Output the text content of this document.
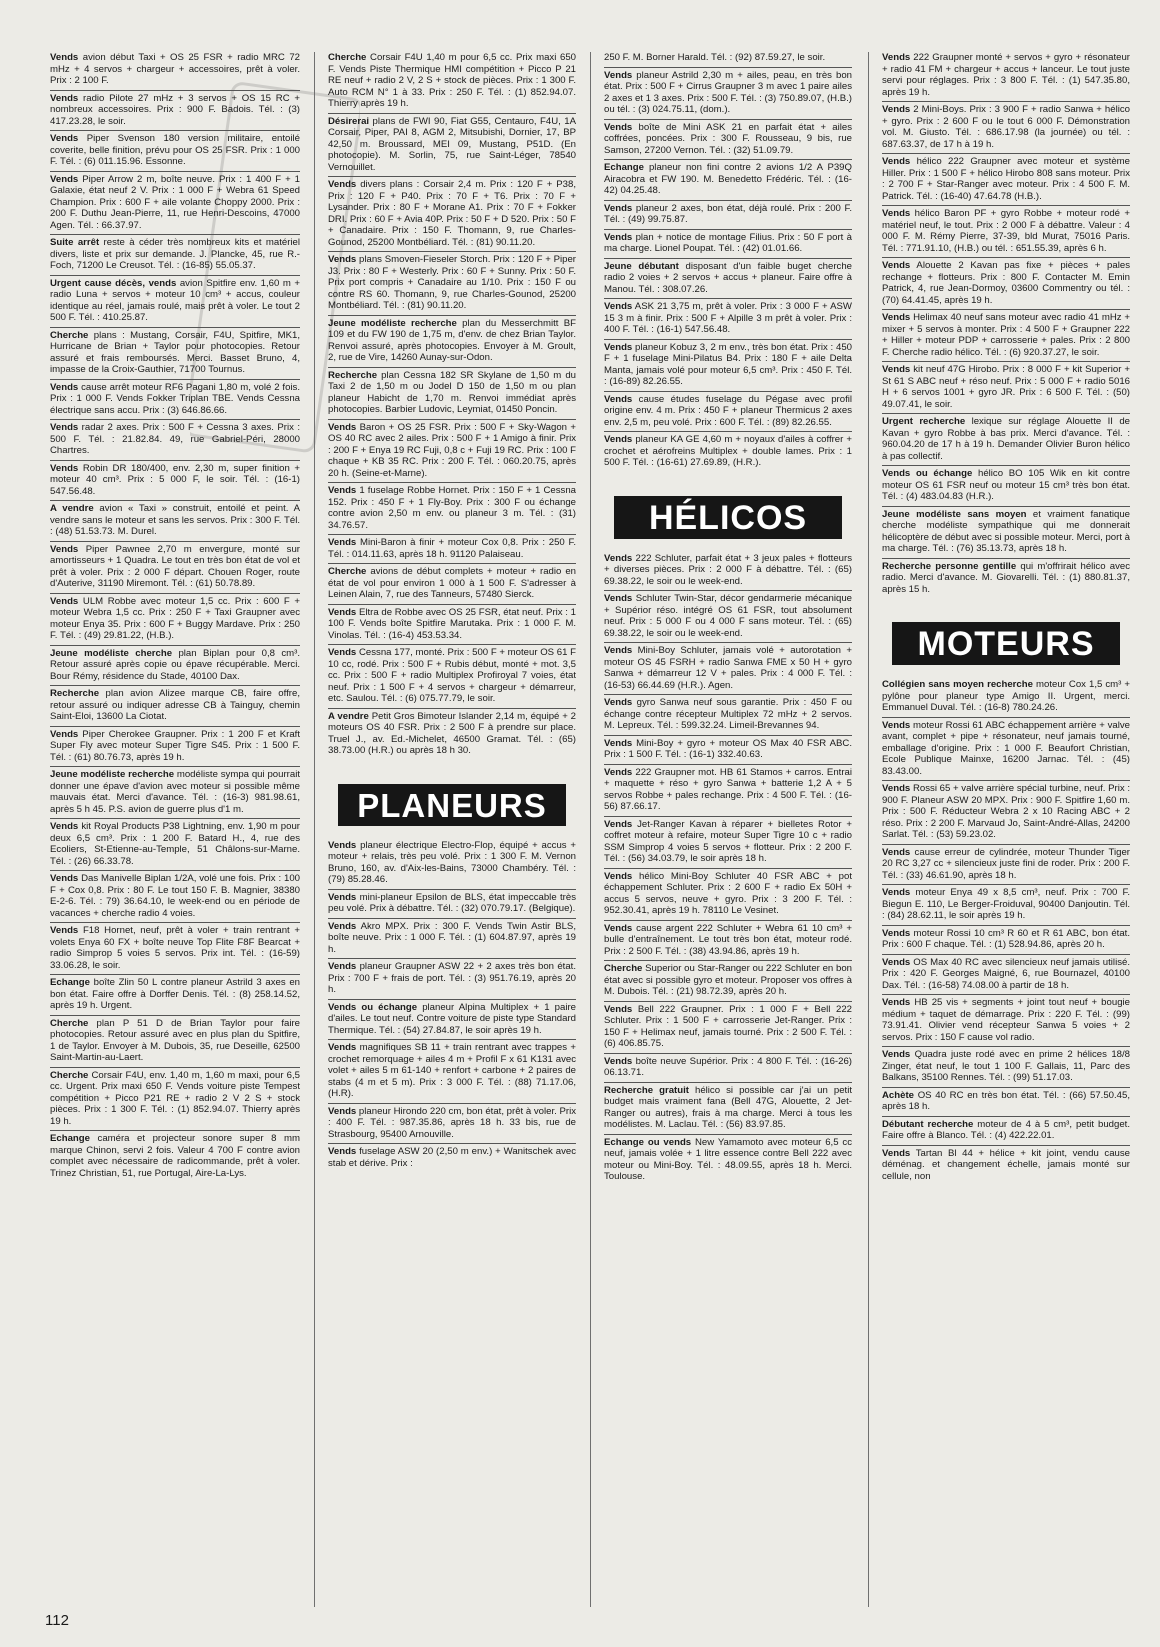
Vends avion début Taxi + OS 25 FSR + radio MRC 72 mHz + 4 servos + chargeur + accessoires, prêt à voler. Prix : 2 100 F.
Vends radio Pilote 27 mHz + 3 servos + OS 15 RC + nombreux accessoires. Prix : 900 F. Badois. Tél. : (3) 417.23.28, le soir.
Vends Piper Svenson 180 version militaire, entoilé coverite, belle finition, prévu pour OS 25 FSR. Prix : 1 000 F. Tél. : (6) 011.15.96. Essonne.
Vends Piper Arrow 2 m, boîte neuve. Prix : 1 400 F + 1 Galaxie, état neuf 2 V. Prix : 1 000 F + Webra 61 Speed Champion. Prix : 600 F + aile volante Choppy 2000. Prix : 200 F. Duthu Jean-Pierre, 11, rue Henri-Descoins, 47000 Agen. Tél. : 66.37.97.
Suite arrêt reste à céder très nombreux kits et matériel divers, liste et prix sur demande. J. Plancke, 45, rue R.-Foch, 71200 Le Creusot. Tél. : (16-85) 55.05.37.
Urgent cause décès, vends avion Spitfire env. 1,60 m + radio Luna + servos + moteur 10 cm³ + accus, couleur identique au réel, jamais roulé, mais prêt à voler. Le tout 2 500 F. Tél. : 410.25.87.
Cherche plans : Mustang, Corsair, F4U, Spitfire, MK1, Hurricane de Brian + Taylor pour photocopies. Retour assuré et frais remboursés. Merci. Basset Bruno, 4, impasse de la Croix-Gauthier, 71700 Tournus.
Vends cause arrêt moteur RF6 Pagani 1,80 m, volé 2 fois. Prix : 1 000 F. Vends Fokker Triplan TBE. Vends Cessna électrique sans accu. Prix : (3) 646.86.66.
Vends radar 2 axes. Prix : 500 F + Cessna 3 axes. Prix : 500 F. Tél. : 21.82.84. 49, rue Gabriel-Péri, 28000 Chartres.
Vends Robin DR 180/400, env. 2,30 m, super finition + moteur 40 cm³. Prix : 5 000 F, le soir. Tél. : (16-1) 547.56.48.
A vendre avion « Taxi » construit, entoilé et peint. A vendre sans le moteur et sans les servos. Prix : 300 F. Tél. : (48) 51.53.73. M. Durel.
Vends Piper Pawnee 2,70 m envergure, monté sur amortisseurs + 1 Quadra. Le tout en très bon état de vol et prêt à voler. Prix : 2 000 F départ. Chouen Roger, route d'Auterive, 31190 Miremont. Tél. : (61) 50.78.89.
Vends ULM Robbe avec moteur 1,5 cc. Prix : 600 F + moteur Webra 1,5 cc. Prix : 250 F + Taxi Graupner avec moteur Enya 35. Prix : 600 F + Buggy Mardave. Prix : 250 F. Tél. : (49) 29.81.22, (H.B.).
Jeune modéliste cherche plan Biplan pour 0,8 cm³. Retour assuré après copie ou épave récupérable. Merci. Bour Rémy, résidence du Stade, 40100 Dax.
Recherche plan avion Alizee marque CB, faire offre, retour assuré ou indiquer adresse CB à Tainguy, chemin Saint-Eloi, 13600 La Ciotat.
Vends Piper Cherokee Graupner. Prix : 1 200 F et Kraft Super Fly avec moteur Super Tigre S45. Prix : 1 500 F. Tél. : (61) 80.76.73, après 19 h.
Jeune modéliste recherche modéliste sympa qui pourrait donner une épave d'avion avec moteur si possible même mauvais état. Merci d'avance. Tél. : (16-3) 981.98.61, après 5 h 45. P.S. avion de guerre plus d'1 m.
Vends kit Royal Products P38 Lightning, env. 1,90 m pour deux 6,5 cm³. Prix : 1 200 F. Batard H., 4, rue des Ecoliers, St-Etienne-au-Temple, 51 Châlons-sur-Marne. Tél. : (26) 66.33.78.
Vends Das Manivelle Biplan 1/2A, volé une fois. Prix : 100 F + Cox 0,8. Prix : 80 F. Le tout 150 F. B. Magnier, 38380 E-2-6. Tél. : 79) 36.64.10, le week-end ou en période de vacances + cherche radio 4 voies.
Vends F18 Hornet, neuf, prêt à voler + train rentrant + volets Enya 60 FX + boîte neuve Top Flite F8F Bearcat + radio Simprop 5 voies 5 servos. Prix int. Tél. : (16-59) 33.06.28, le soir.
Echange boîte Zlin 50 L contre planeur Astrild 3 axes en bon état. Faire offre à Dorffer Denis. Tél. : (8) 258.14.52, après 19 h. Urgent.
Cherche plan P 51 D de Brian Taylor pour faire photocopies. Retour assuré avec en plus plan du Spitfire, 1 de Taylor. Envoyer à M. Dubois, 35, rue Deseille, 62500 Saint-Martin-au-Laert.
Cherche Corsair F4U, env. 1,40 m, 1,60 m maxi, pour 6,5 cc. Urgent. Prix maxi 650 F. Vends voiture piste Tempest compétition + Picco P21 RE + radio 2 V 2 S + stock pièces. Prix : 1 300 F. Tél. : (1) 852.94.07. Thierry après 19 h.
Echange caméra et projecteur sonore super 8 mm marque Chinon, servi 2 fois. Valeur 4 700 F contre avion complet avec nécessaire de radicommande, prêt à voler. Trinez Christian, 51, rue Portugal, Aire-La-Lys.
Cherche Corsair F4U 1,40 m pour 6,5 cc. Prix maxi 650 F. Vends Piste Thermique HMI compétition + Picco P 21 RE neuf + radio 2 V, 2 S + stock de pièces. Prix : 1 300 F. Auto RCM N° 1 à 33. Prix : 250 F. Tél. : (1) 852.94.07. Thierry après 19 h.
Désirerai plans de FWI 90, Fiat G55, Centauro, F4U, 1A Corsair, Piper, PAI 8, AGM 2, Mitsubishi, Dornier, 17, BP 42,50 m. Broussard, MEI 09, Mustang, P51D. (En photocopie). M. Sorlin, 75, rue Saint-Léger, 78540 Vernouillet.
Vends divers plans : Corsair 2,4 m. Prix : 120 F + P38, Prix : 120 F + P40. Prix : 70 F + T6. Prix : 70 F + Lysander. Prix : 80 F + Morane A1. Prix : 70 F + Fokker DRI. Prix : 60 F + Avia 40P. Prix : 50 F + D 520. Prix : 50 F + Canadaire. Prix : 150 F. Thomann, 9, rue Charles-Gounod, 25200 Montbéliard. Tél. : (81) 90.11.20.
Vends plans Smoven-Fieseler Storch. Prix : 120 F + Piper J3. Prix : 80 F + Westerly. Prix : 60 F + Sunny. Prix : 50 F. Prix port compris + Canadaire au 1/10. Prix : 150 F ou contre RS 60. Thomann, 9, rue Charles-Gounod, 25200 Montbéliard. Tél. : (81) 90.11.20.
Jeune modéliste recherche plan du Messerchmitt BF 109 et du FW 190 de 1,75 m, d'env. de chez Brian Taylor. Renvoi assuré, après photocopies. Envoyer à M. Groult, 2, rue de Vire, 14260 Aunay-sur-Odon.
Recherche plan Cessna 182 SR Skylane de 1,50 m du Taxi 2 de 1,50 m ou Jodel D 150 de 1,50 m ou plan planeur Habicht de 1,70 m. Renvoi immédiat après photocopies. Barbier Ludovic, Leymiat, 01450 Poncin.
Vends Baron + OS 25 FSR. Prix : 500 F + Sky-Wagon + OS 40 RC avec 2 ailes. Prix : 500 F + 1 Amigo à finir. Prix : 200 F + Enya 19 RC Fuji, 0,8 c + Fuji 19 RC. Prix : 100 F chaque + KB 35 RC. Prix : 200 F. Tél. : 060.20.75, après 20 h. (Seine-et-Marne).
Vends 1 fuselage Robbe Hornet. Prix : 150 F + 1 Cessna 152. Prix : 450 F + 1 Fly-Boy. Prix : 300 F ou échange contre avion 2,50 m env. ou planeur 3 m. Tél. : (31) 34.76.57.
Vends Mini-Baron à finir + moteur Cox 0,8. Prix : 250 F. Tél. : 014.11.63, après 18 h. 91120 Palaiseau.
Cherche avions de début complets + moteur + radio en état de vol pour environ 1 000 à 1 500 F. S'adresser à Leinen Alain, 7, rue des Tanneurs, 57480 Sierck.
Vends Eltra de Robbe avec OS 25 FSR, état neuf. Prix : 1 100 F. Vends boîte Spitfire Marutaka. Prix : 1 000 F. M. Vinolas. Tél. : (16-4) 453.53.34.
Vends Cessna 177, monté. Prix : 500 F + moteur OS 61 F 10 cc, rodé. Prix : 500 F + Rubis début, monté + mot. 3,5 cc. Prix : 500 F + radio Multiplex Profiroyal 7 voies, état neuf. Prix : 1 500 F + 4 servos + chargeur + démarreur, etc. Saulou. Tél. : (6) 075.77.79, le soir.
A vendre Petit Gros Bimoteur Islander 2,14 m, équipé + 2 moteurs OS 40 FSR. Prix : 2 500 F à prendre sur place. Truel J., av. Ed.-Michelet, 46500 Gramat. Tél. : (65) 38.73.00 (H.R.) ou après 18 h 30.
PLANEURS
Vends planeur électrique Electro-Flop, équipé + accus + moteur + relais, très peu volé. Prix : 1 300 F. M. Vernon Bruno, 160, av. d'Aix-les-Bains, 73000 Chambéry. Tél. : (79) 85.28.46.
Vends mini-planeur Epsilon de BLS, état impeccable très peu volé. Prix à débattre. Tél. : (32) 070.79.17. (Belgique).
Vends Akro MPX. Prix : 300 F. Vends Twin Astir BLS, boîte neuve. Prix : 1 000 F. Tél. : (1) 604.87.97, après 19 h.
Vends planeur Graupner ASW 22 + 2 axes très bon état. Prix : 700 F + frais de port. Tél. : (3) 951.76.19, après 20 h.
Vends ou échange planeur Alpina Multiplex + 1 paire d'ailes. Le tout neuf. Contre voiture de piste type Standard Thermique. Tél. : (54) 27.84.87, le soir après 19 h.
Vends magnifiques SB 11 + train rentrant avec trappes + crochet remorquage + ailes 4 m + Profil F x 61 K131 avec volet + ailes 5 m 61-140 + renfort + carbone + 2 paires de stabs (4 m et 5 m). Prix : 3 000 F. Tél. : (88) 71.17.06, (H.R).
Vends planeur Hirondo 220 cm, bon état, prêt à voler. Prix : 400 F. Tél. : 987.35.86, après 18 h. 33 bis, rue de Strasbourg, 95400 Arnouville.
Vends fuselage ASW 20 (2,50 m env.) + Wanitschek avec stab et dérive. Prix :
250 F. M. Borner Harald. Tél. : (92) 87.59.27, le soir.
Vends planeur Astrild 2,30 m + ailes, peau, en très bon état. Prix : 500 F + Cirrus Graupner 3 m avec 1 paire ailes 2 axes et 1 3 axes. Prix : 500 F. Tél. : (3) 750.89.07, (H.B.) ou tél. : (3) 024.75.11, (dom.).
Vends boîte de Mini ASK 21 en parfait état + ailes coffrées, poncées. Prix : 300 F. Rousseau, 9 bis, rue Samson, 27200 Vernon. Tél. : (32) 51.09.79.
Echange planeur non fini contre 2 avions 1/2 A P39Q Airacobra et FW 190. M. Benedetto Frédéric. Tél. : (16-42) 04.25.48.
Vends planeur 2 axes, bon état, déjà roulé. Prix : 200 F. Tél. : (49) 99.75.87.
Vends plan + notice de montage Filius. Prix : 50 F port à ma charge. Lionel Poupat. Tél. : (42) 01.01.66.
Jeune débutant disposant d'un faible buget cherche radio 2 voies + 2 servos + accus + planeur. Faire offre à Manou. Tél. : 308.07.26.
Vends ASK 21 3,75 m, prêt à voler. Prix : 3 000 F + ASW 15 3 m à finir. Prix : 500 F + Alpille 3 m prêt à voler. Prix : 400 F. Tél. : (16-1) 547.56.48.
Vends planeur Kobuz 3, 2 m env., très bon état. Prix : 450 F + 1 fuselage Mini-Pilatus B4. Prix : 180 F + aile Delta Manta, jamais volé pour moteur 6,5 cm³. Prix : 450 F. Tél. : (16-89) 82.26.55.
Vends cause études fuselage du Pégase avec profil origine env. 4 m. Prix : 450 F + planeur Thermicus 2 axes env. 2,5 m, peu volé. Prix : 600 F. Tél. : (89) 82.26.55.
Vends planeur KA GE 4,60 m + noyaux d'ailes à coffrer + crochet et aérofreins Multiplex + double lames. Prix : 1 500 F. Tél. : (16-61) 27.69.89, (H.R.).
HÉLICOS
Vends 222 Schluter, parfait état + 3 jeux pales + flotteurs + diverses pièces. Prix : 2 000 F à débattre. Tél. : (65) 69.38.22, le soir ou le week-end.
Vends Schluter Twin-Star, décor gendarmerie mécanique + Supérior réso. intégré OS 61 FSR, tout absolument neuf. Prix : 5 000 F ou 4 000 F sans moteur. Tél. : (65) 69.38.22, le soir ou le week-end.
Vends Mini-Boy Schluter, jamais volé + autorotation + moteur OS 45 FSRH + radio Sanwa FME x 50 H + gyro Sanwa + démarreur 12 V + pales. Prix : 4 000 F. Tél. : (16-53) 66.44.69 (H.R.). Agen.
Vends gyro Sanwa neuf sous garantie. Prix : 450 F ou échange contre récepteur Multiplex 72 mHz + 2 servos. M. Lepreux. Tél. : 599.32.24. Limeil-Brevannes 94.
Vends Mini-Boy + gyro + moteur OS Max 40 FSR ABC. Prix : 1 500 F. Tél. : (16-1) 332.40.63.
Vends 222 Graupner mot. HB 61 Stamos + carros. Entrai + maquette + réso + gyro Sanwa + batterie 1,2 A + 5 servos Robbe + pales rechange. Prix : 4 500 F. Tél. : (16-56) 87.66.17.
Vends Jet-Ranger Kavan à réparer + bielletes Rotor + coffret moteur à refaire, moteur Super Tigre 10 c + radio SSM Simprop 4 voies 5 servos + flotteur. Prix : 2 200 F. Tél. : (56) 34.03.79, le soir après 18 h.
Vends hélico Mini-Boy Schluter 40 FSR ABC + pot échappement Schluter. Prix : 2 600 F + radio Ex 50H + accus 5 servos, neuve + gyro. Prix : 3 200 F. Tél. : 952.30.41, après 19 h. 78110 Le Vesinet.
Vends cause argent 222 Schluter + Webra 61 10 cm³ + bulle d'entraînement. Le tout très bon état, moteur rodé. Prix : 2 500 F. Tél. : (38) 43.94.86, après 19 h.
Cherche Superior ou Star-Ranger ou 222 Schluter en bon état avec si possible gyro et moteur. Proposer vos offres à M. Dubois. Tél. : (21) 98.72.39, après 20 h.
Vends Bell 222 Graupner. Prix : 1 000 F + Bell 222 Schluter. Prix : 1 500 F + carrosserie Jet-Ranger. Prix : 150 F + Helimax neuf, jamais tourné. Prix : 2 500 F. Tél. : (6) 406.85.75.
Vends boîte neuve Supérior. Prix : 4 800 F. Tél. : (16-26) 06.13.71.
Recherche gratuit hélico si possible car j'ai un petit budget mais vraiment fana (Bell 47G, Alouette, 2 Jet-Ranger ou autres), frais à ma charge. Merci à tous les modélistes. M. Laclau. Tél. : (56) 83.97.85.
Echange ou vends New Yamamoto avec moteur 6,5 cc neuf, jamais volée + 1 litre essence contre Bell 222 avec moteur ou Mini-Boy. Tél. : 48.09.55, après 18 h. Merci. Toulouse.
Vends 222 Graupner monté + servos + gyro + résonateur + radio 41 FM + chargeur + accus + lanceur. Le tout juste servi pour réglages. Prix : 3 800 F. Tél. : (1) 547.35.80, après 19 h.
Vends 2 Mini-Boys. Prix : 3 900 F + radio Sanwa + hélico + gyro. Prix : 2 600 F ou le tout 6 000 F. Démonstration vol. M. Giusto. Tél. : 686.17.98 (la journée) ou tél. : 687.63.37, de 17 h à 19 h.
Vends hélico 222 Graupner avec moteur et système Hiller. Prix : 1 500 F + hélico Hirobo 808 sans moteur. Prix : 2 700 F + Star-Ranger avec moteur. Prix : 4 500 F. M. Patrick. Tél. : (16-40) 47.64.78 (H.B.).
Vends hélico Baron PF + gyro Robbe + moteur rodé + matériel neuf, le tout. Prix : 2 000 F à débattre. Valeur : 4 000 F. M. Rémy Pierre, 37-39, bld Murat, 75016 Paris. Tél. : 771.91.10, (H.B.) ou tél. : 651.55.39, après 6 h.
Vends Alouette 2 Kavan pas fixe + pièces + pales rechange + flotteurs. Prix : 800 F. Contacter M. Emin Patrick, 4, rue Jean-Dormoy, 03600 Commentry ou tél. : (70) 64.41.45, après 19 h.
Vends Helimax 40 neuf sans moteur avec radio 41 mHz + mixer + 5 servos à monter. Prix : 4 500 F + Graupner 222 + Hiller + moteur PDP + carrosserie + pales. Prix : 2 800 F. Cherche radio hélico. Tél. : (6) 920.37.27, le soir.
Vends kit neuf 47G Hirobo. Prix : 8 000 F + kit Superior + St 61 S ABC neuf + réso neuf. Prix : 5 000 F + radio 5016 H + 6 servos 1001 + gyro JR. Prix : 6 500 F. Tél. : (50) 49.07.41, le soir.
Urgent recherche lexique sur réglage Alouette II de Kavan + gyro Robbe à bas prix. Merci d'avance. Tél. : 960.04.20 de 17 h à 19 h. Demander Olivier Buron hélico à pas collectif.
Vends ou échange hélico BO 105 Wik en kit contre moteur OS 61 FSR neuf ou moteur 15 cm³ très bon état. Tél. : (4) 483.04.83 (H.R.).
Jeune modéliste sans moyen et vraiment fanatique cherche modéliste sympathique qui me donnerait hélicoptère de début avec si possible moteur. Merci, port à ma charge. Tél. : (76) 35.13.73, après 18 h.
Recherche personne gentille qui m'offrirait hélico avec radio. Merci d'avance. M. Giovarelli. Tél. : (1) 880.81.37, après 15 h.
MOTEURS
Collégien sans moyen recherche moteur Cox 1,5 cm³ + pylône pour planeur type Amigo II. Urgent, merci. Emmanuel Duval. Tél. : (16-8) 780.24.26.
Vends moteur Rossi 61 ABC échappement arrière + valve avant, complet + pipe + résonateur, neuf jamais tourné, emballage d'origine. Prix : 1 000 F. Beaufort Christian, Ecole Publique Mainxe, 16200 Jarnac. Tél. : (45) 83.43.00.
Vends Rossi 65 + valve arrière spécial turbine, neuf. Prix : 900 F. Planeur ASW 20 MPX. Prix : 900 F. Spitfire 1,60 m. Prix : 500 F. Réducteur Webra 2 x 10 Racing ABC + 2 réso. Prix : 2 200 F. Marvaud Jo, Saint-André-Allas, 24200 Sarlat. Tél. : (53) 59.23.02.
Vends cause erreur de cylindrée, moteur Thunder Tiger 20 RC 3,27 cc + silencieux juste fini de roder. Prix : 200 F. Tél. : (33) 46.61.90, après 18 h.
Vends moteur Enya 49 x 8,5 cm³, neuf. Prix : 700 F. Biegun E. 110, Le Berger-Froiduval, 90400 Danjoutin. Tél. : (84) 28.62.11, le soir après 19 h.
Vends moteur Rossi 10 cm³ R 60 et R 61 ABC, bon état. Prix : 600 F chaque. Tél. : (1) 528.94.86, après 20 h.
Vends OS Max 40 RC avec silencieux neuf jamais utilisé. Prix : 420 F. Georges Maigné, 6, rue Bournazel, 40100 Dax. Tél. : (16-58) 74.08.00 à partir de 18 h.
Vends HB 25 vis + segments + joint tout neuf + bougie médium + taquet de démarrage. Prix : 220 F. Tél. : (99) 73.91.41. Olivier vend récepteur Sanwa 5 voies + 2 servos. Prix : 150 F cause vol radio.
Vends Quadra juste rodé avec en prime 2 hélices 18/8 Zinger, état neuf, le tout 1 100 F. Gallais, 11, Parc des Balkans, 35100 Rennes. Tél. : (99) 51.17.03.
Achète OS 40 RC en très bon état. Tél. : (66) 57.50.45, après 18 h.
Débutant recherche moteur de 4 à 5 cm³, petit budget. Faire offre à Blanco. Tél. : (4) 422.22.01.
Vends Tartan Bl 44 + hélice + kit joint, vendu cause déménag. et changement échelle, jamais monté sur cellule, non
112
